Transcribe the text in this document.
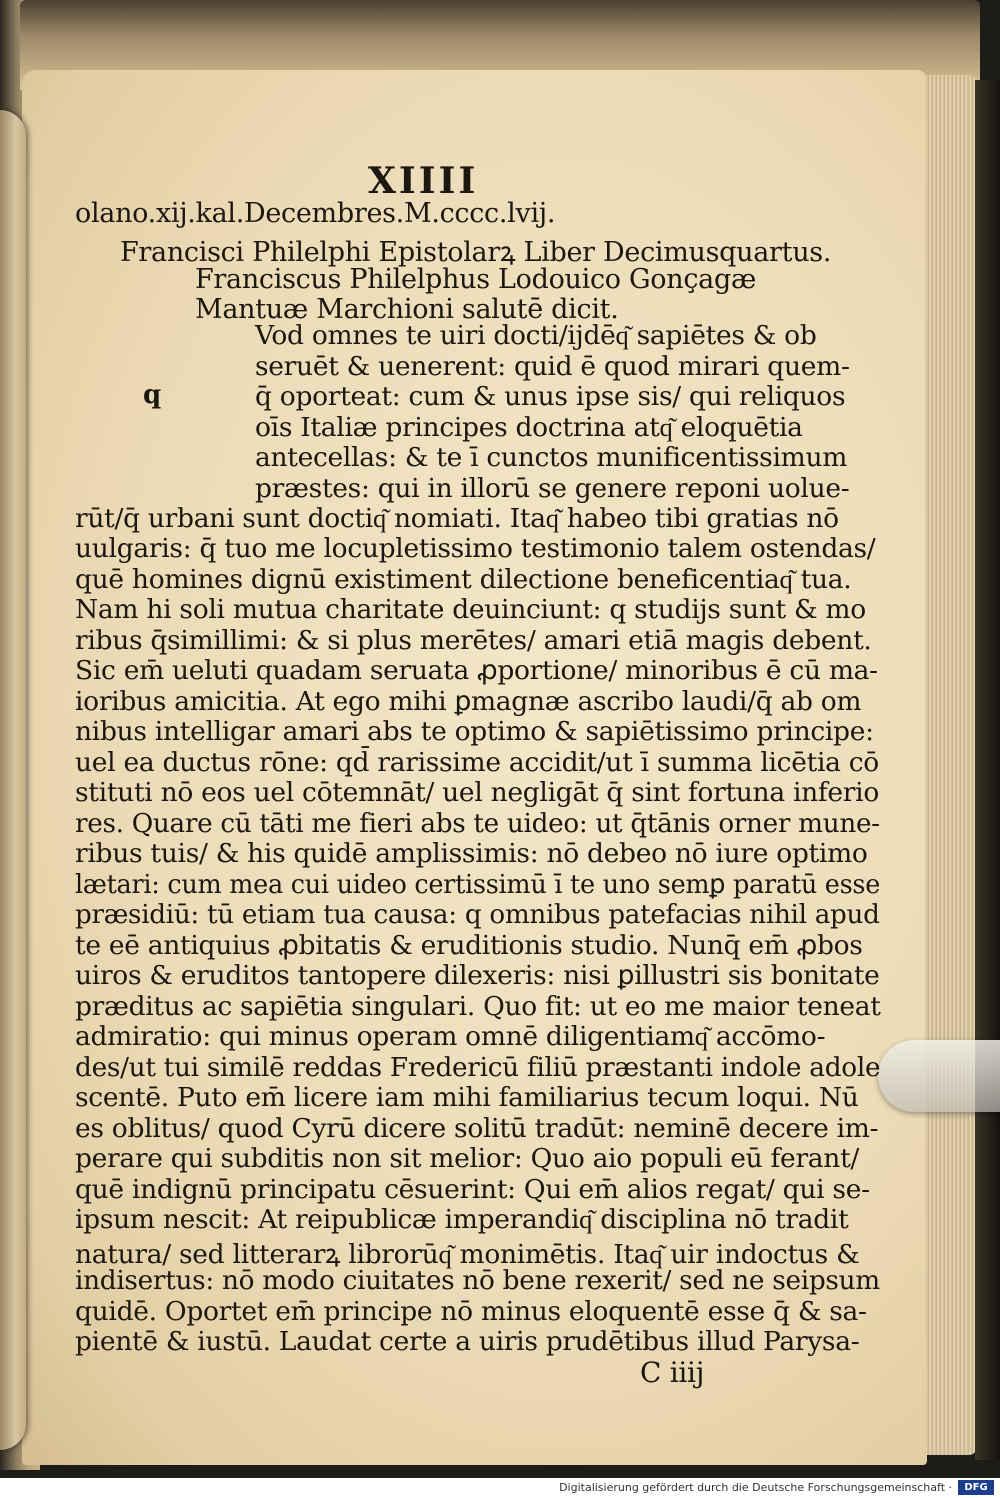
XIIII
olano.xij.kal.Decembres.M.cccc.lvij.
Francisci Philelphi Epistolarꝝ Liber Decimusquartus.
Franciscus Philelphus Lodouico Gonçagæ
Mantuæ Marchioni salutē dicit.
q
Vod omnes te uiri docti/ijdēq͂ sapiētes & ob
seruēt & uenerent: quid ē quod mirari quem-
q̄ oporteat: cum & unus ipse sis/ qui reliquos
oīs Italiæ principes doctrina atq͂ eloquētia
antecellas: & te ī cunctos munificentissimum
præstes: qui in illorū se genere reponi uolue-
rūt/q̄ urbani sunt doctiq͂ nomiati. Itaq͂ habeo tibi gratias nō
uulgaris: q̄ tuo me locupletissimo testimonio talem ostendas/
quē homines dignū existiment dilectione beneficentiaq͂ tua.
Nam hi soli mutua charitate deuinciunt: q studijs sunt & mo
ribus q̄simillimi: & si plus merētes/ amari etiā magis debent.
Sic em̄ ueluti quadam seruata ꝓportione/ minoribus ē cū ma-
ioribus amicitia. At ego mihi ꝑmagnæ ascribo laudi/q̄ ab om
nibus intelligar amari abs te optimo & sapiētissimo principe:
uel ea ductus rōne: qd̄ rarissime accidit/ut ī summa licētia cō
stituti nō eos uel cōtemnāt/ uel negligāt q̄ sint fortuna inferio
res. Quare cū tāti me fieri abs te uideo: ut q̄tānis orner mune-
ribus tuis/ & his quidē amplissimis: nō debeo nō iure optimo
lætari: cum mea cui uideo certissimū ī te uno semꝑ paratū esse
præsidiū: tū etiam tua causa: q omnibus patefacias nihil apud
te eē antiquius ꝓbitatis & eruditionis studio. Nunq̄ em̄ ꝓbos
uiros & eruditos tantopere dilexeris: nisi ꝑillustri sis bonitate
præditus ac sapiētia singulari. Quo fit: ut eo me maior teneat
admiratio: qui minus operam omnē diligentiamq͂ accōmo-
des/ut tui similē reddas Fredericū filiū præstanti indole adole
scentē. Puto em̄ licere iam mihi familiarius tecum loqui. Nū
es oblitus/ quod Cyrū dicere solitū tradūt: neminē decere im-
perare qui subditis non sit melior: Quo aio populi eū ferant/
quē indignū principatu cēsuerint: Qui em̄ alios regat/ qui se-
ipsum nescit: At reipublicæ imperandiq͂ disciplina nō tradit
natura/ sed litterarꝝ librorūq͂ monimētis. Itaq͂ uir indoctus &
indisertus: nō modo ciuitates nō bene rexerit/ sed ne seipsum
quidē. Oportet em̄ principe nō minus eloquentē esse q̄ & sa-
pientē & iustū. Laudat certe a uiris prudētibus illud Parysa-
C iiij
Digitalisierung gefördert durch die Deutsche Forschungsgemeinschaft ·	DFG
